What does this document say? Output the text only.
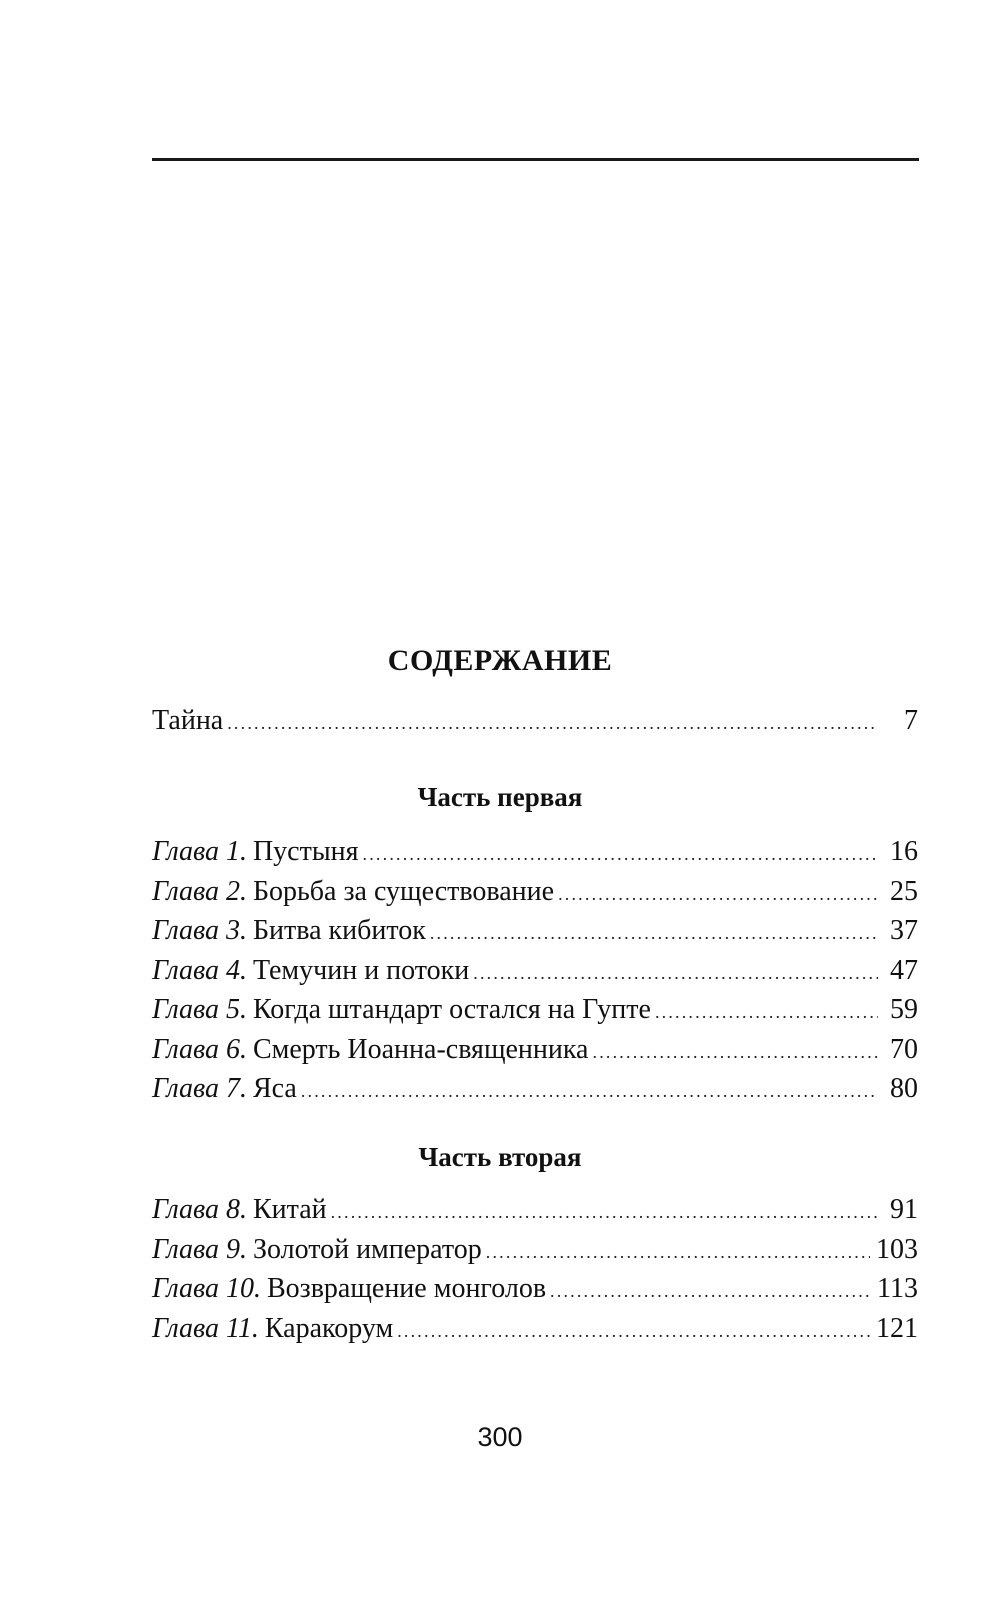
СОДЕРЖАНИЕ
Тайна .....	7
Часть первая
Глава 1. Пустыня .....	16
Глава 2. Борьба за существование .....	25
Глава 3. Битва кибиток .....	37
Глава 4. Темучин и потоки .....	47
Глава 5. Когда штандарт остался на Гупте .....	59
Глава 6. Смерть Иоанна-священника .....	70
Глава 7. Яса .....	80
Часть вторая
Глава 8. Китай .....	91
Глава 9. Золотой император .....	103
Глава 10. Возвращение монголов .....	113
Глава 11. Каракорум .....	121
300
